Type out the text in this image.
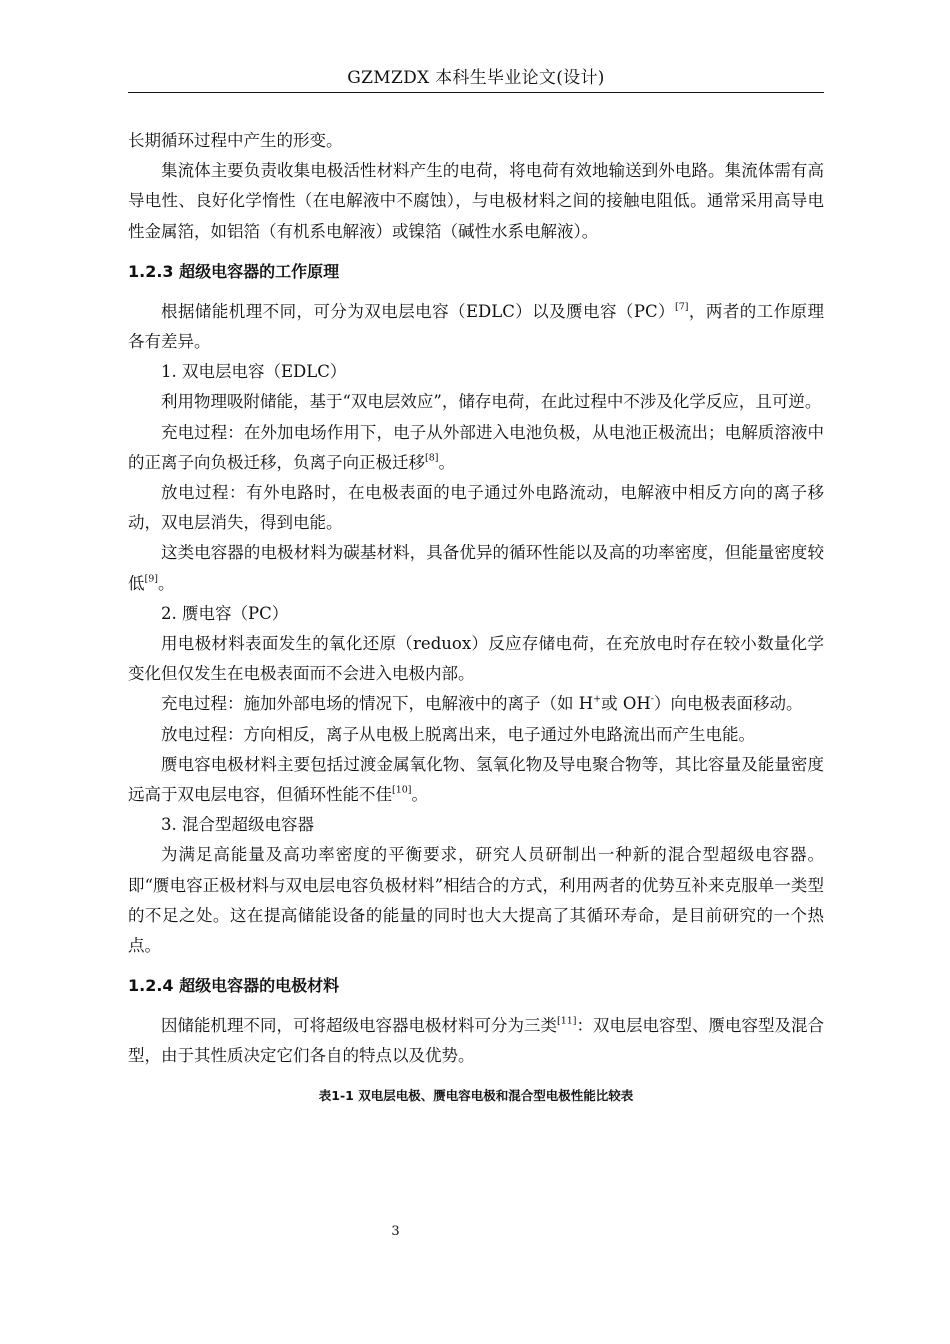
GZMZDX 本科生毕业论文(设计)

长期循环过程中产生的形变。

集流体主要负责收集电极活性材料产生的电荷，将电荷有效地输送到外电路。集流体需有高导电性、良好化学惰性（在电解液中不腐蚀），与电极材料之间的接触电阻低。通常采用高导电性金属箔，如铝箔（有机系电解液）或镍箔（碱性水系电解液）。

1.2.3 超级电容器的工作原理

根据储能机理不同，可分为双电层电容（EDLC）以及赝电容（PC）[7]，两者的工作原理各有差异。

1. 双电层电容（EDLC）

利用物理吸附储能，基于“双电层效应”，储存电荷，在此过程中不涉及化学反应，且可逆。

充电过程：在外加电场作用下，电子从外部进入电池负极，从电池正极流出；电解质溶液中的正离子向负极迁移，负离子向正极迁移[8]。

放电过程：有外电路时，在电极表面的电子通过外电路流动，电解液中相反方向的离子移动，双电层消失，得到电能。

这类电容器的电极材料为碳基材料，具备优异的循环性能以及高的功率密度，但能量密度较低[9]。

2. 赝电容（PC）

用电极材料表面发生的氧化还原（reduox）反应存储电荷，在充放电时存在较小数量化学变化但仅发生在电极表面而不会进入电极内部。

充电过程：施加外部电场的情况下，电解液中的离子（如 H+或 OH-）向电极表面移动。

放电过程：方向相反，离子从电极上脱离出来，电子通过外电路流出而产生电能。

赝电容电极材料主要包括过渡金属氧化物、氢氧化物及导电聚合物等，其比容量及能量密度远高于双电层电容，但循环性能不佳[10]。

3. 混合型超级电容器

为满足高能量及高功率密度的平衡要求，研究人员研制出一种新的混合型超级电容器。即“赝电容正极材料与双电层电容负极材料”相结合的方式，利用两者的优势互补来克服单一类型的不足之处。这在提高储能设备的能量的同时也大大提高了其循环寿命，是目前研究的一个热点。

1.2.4 超级电容器的电极材料

因储能机理不同，可将超级电容器电极材料可分为三类[11]：双电层电容型、赝电容型及混合型，由于其性质决定它们各自的特点以及优势。

表1-1 双电层电极、赝电容电极和混合型电极性能比较表
3
